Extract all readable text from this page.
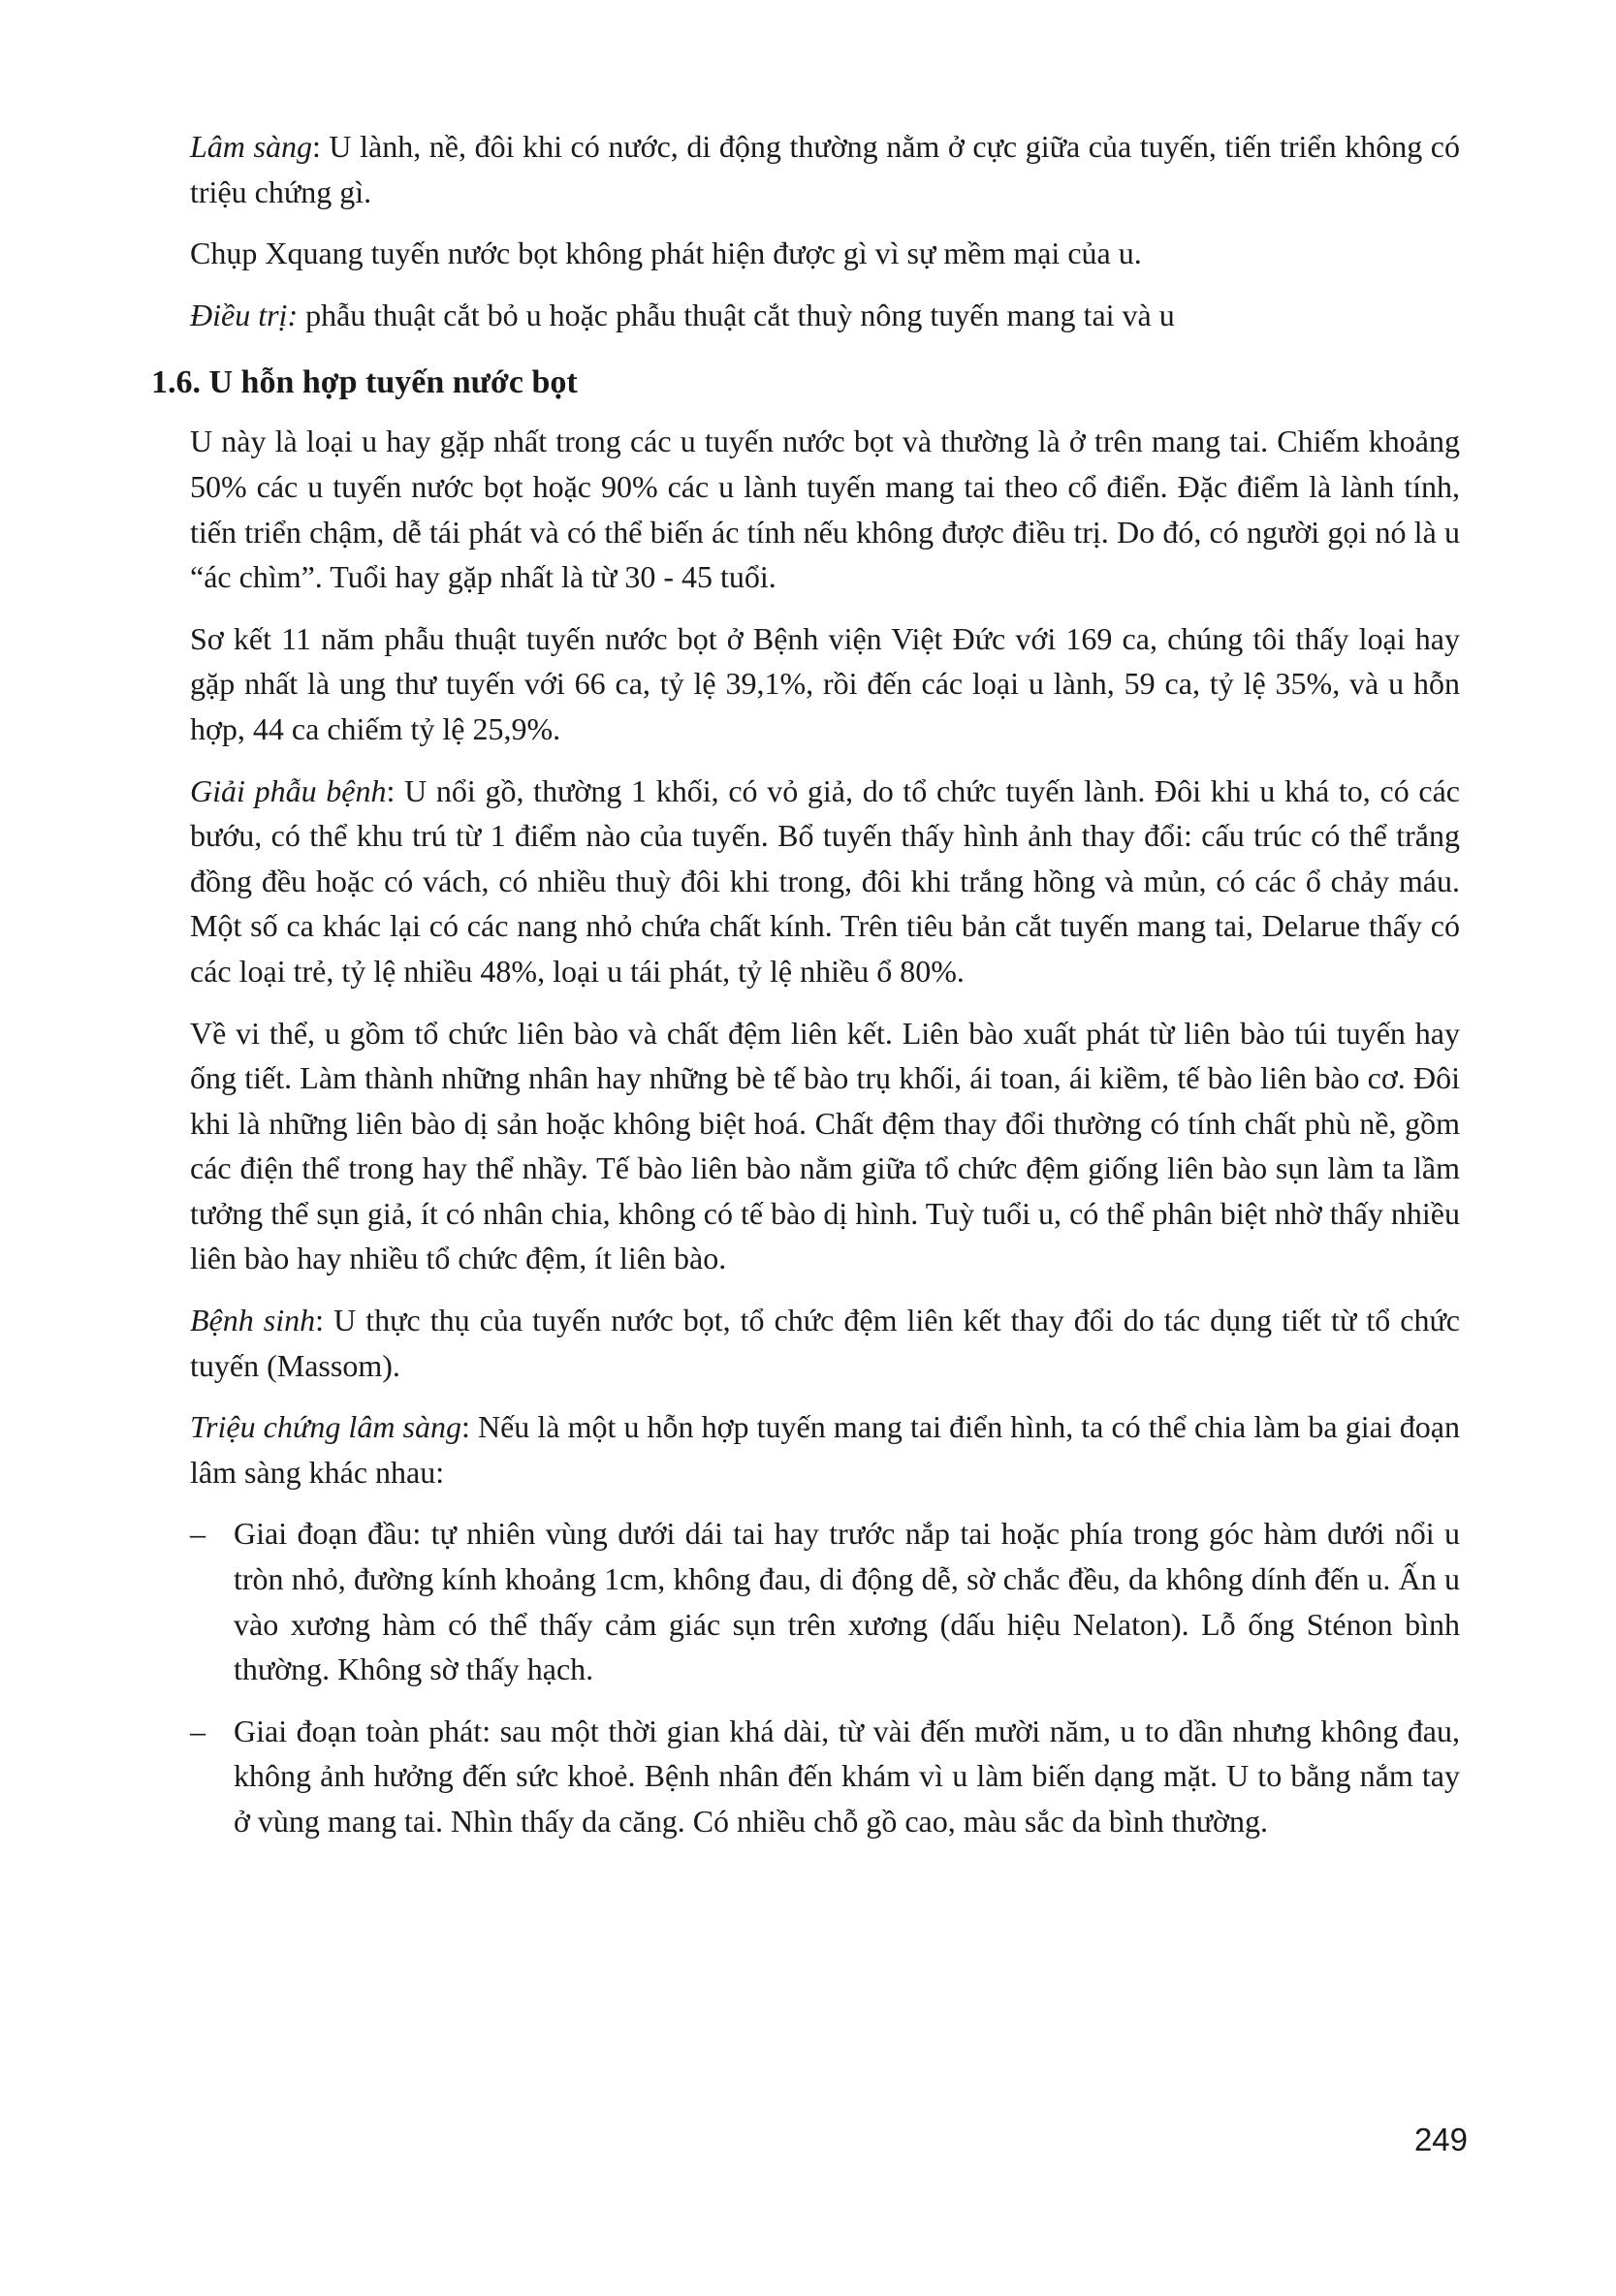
Lâm sàng: U lành, nề, đôi khi có nước, di động thường nằm ở cực giữa của tuyến, tiến triển không có triệu chứng gì.

Chụp Xquang tuyến nước bọt không phát hiện được gì vì sự mềm mại của u.

Điều trị: phẫu thuật cắt bỏ u hoặc phẫu thuật cắt thuỳ nông tuyến mang tai và u

1.6. U hỗn hợp tuyến nước bọt

U này là loại u hay gặp nhất trong các u tuyến nước bọt và thường là ở trên mang tai. Chiếm khoảng 50% các u tuyến nước bọt hoặc 90% các u lành tuyến mang tai theo cổ điển. Đặc điểm là lành tính, tiến triển chậm, dễ tái phát và có thể biến ác tính nếu không được điều trị. Do đó, có người gọi nó là u “ác chìm”. Tuổi hay gặp nhất là từ 30 - 45 tuổi.

Sơ kết 11 năm phẫu thuật tuyến nước bọt ở Bệnh viện Việt Đức với 169 ca, chúng tôi thấy loại hay gặp nhất là ung thư tuyến với 66 ca, tỷ lệ 39,1%, rồi đến các loại u lành, 59 ca, tỷ lệ 35%, và u hỗn hợp, 44 ca chiếm tỷ lệ 25,9%.

Giải phẫu bệnh: U nổi gồ, thường 1 khối, có vỏ giả, do tổ chức tuyến lành. Đôi khi u khá to, có các bướu, có thể khu trú từ 1 điểm nào của tuyến. Bổ tuyến thấy hình ảnh thay đổi: cấu trúc có thể trắng đồng đều hoặc có vách, có nhiều thuỳ đôi khi trong, đôi khi trắng hồng và mủn, có các ổ chảy máu. Một số ca khác lại có các nang nhỏ chứa chất kính. Trên tiêu bản cắt tuyến mang tai, Delarue thấy có các loại trẻ, tỷ lệ nhiều 48%, loại u tái phát, tỷ lệ nhiều ổ 80%.

Về vi thể, u gồm tổ chức liên bào và chất đệm liên kết. Liên bào xuất phát từ liên bào túi tuyến hay ống tiết. Làm thành những nhân hay những bè tế bào trụ khối, ái toan, ái kiềm, tế bào liên bào cơ. Đôi khi là những liên bào dị sản hoặc không biệt hoá. Chất đệm thay đổi thường có tính chất phù nề, gồm các điện thể trong hay thể nhầy. Tế bào liên bào nằm giữa tổ chức đệm giống liên bào sụn làm ta lầm tưởng thể sụn giả, ít có nhân chia, không có tế bào dị hình. Tuỳ tuổi u, có thể phân biệt nhờ thấy nhiều liên bào hay nhiều tổ chức đệm, ít liên bào.

Bệnh sinh: U thực thụ của tuyến nước bọt, tổ chức đệm liên kết thay đổi do tác dụng tiết từ tổ chức tuyến (Massom).

Triệu chứng lâm sàng: Nếu là một u hỗn hợp tuyến mang tai điển hình, ta có thể chia làm ba giai đoạn lâm sàng khác nhau:

– Giai đoạn đầu: tự nhiên vùng dưới dái tai hay trước nắp tai hoặc phía trong góc hàm dưới nổi u tròn nhỏ, đường kính khoảng 1cm, không đau, di động dễ, sờ chắc đều, da không dính đến u. Ấn u vào xương hàm có thể thấy cảm giác sụn trên xương (dấu hiệu Nelaton). Lỗ ống Sténon bình thường. Không sờ thấy hạch.

– Giai đoạn toàn phát: sau một thời gian khá dài, từ vài đến mười năm, u to dần nhưng không đau, không ảnh hưởng đến sức khoẻ. Bệnh nhân đến khám vì u làm biến dạng mặt. U to bằng nắm tay ở vùng mang tai. Nhìn thấy da căng. Có nhiều chỗ gồ cao, màu sắc da bình thường.

249
